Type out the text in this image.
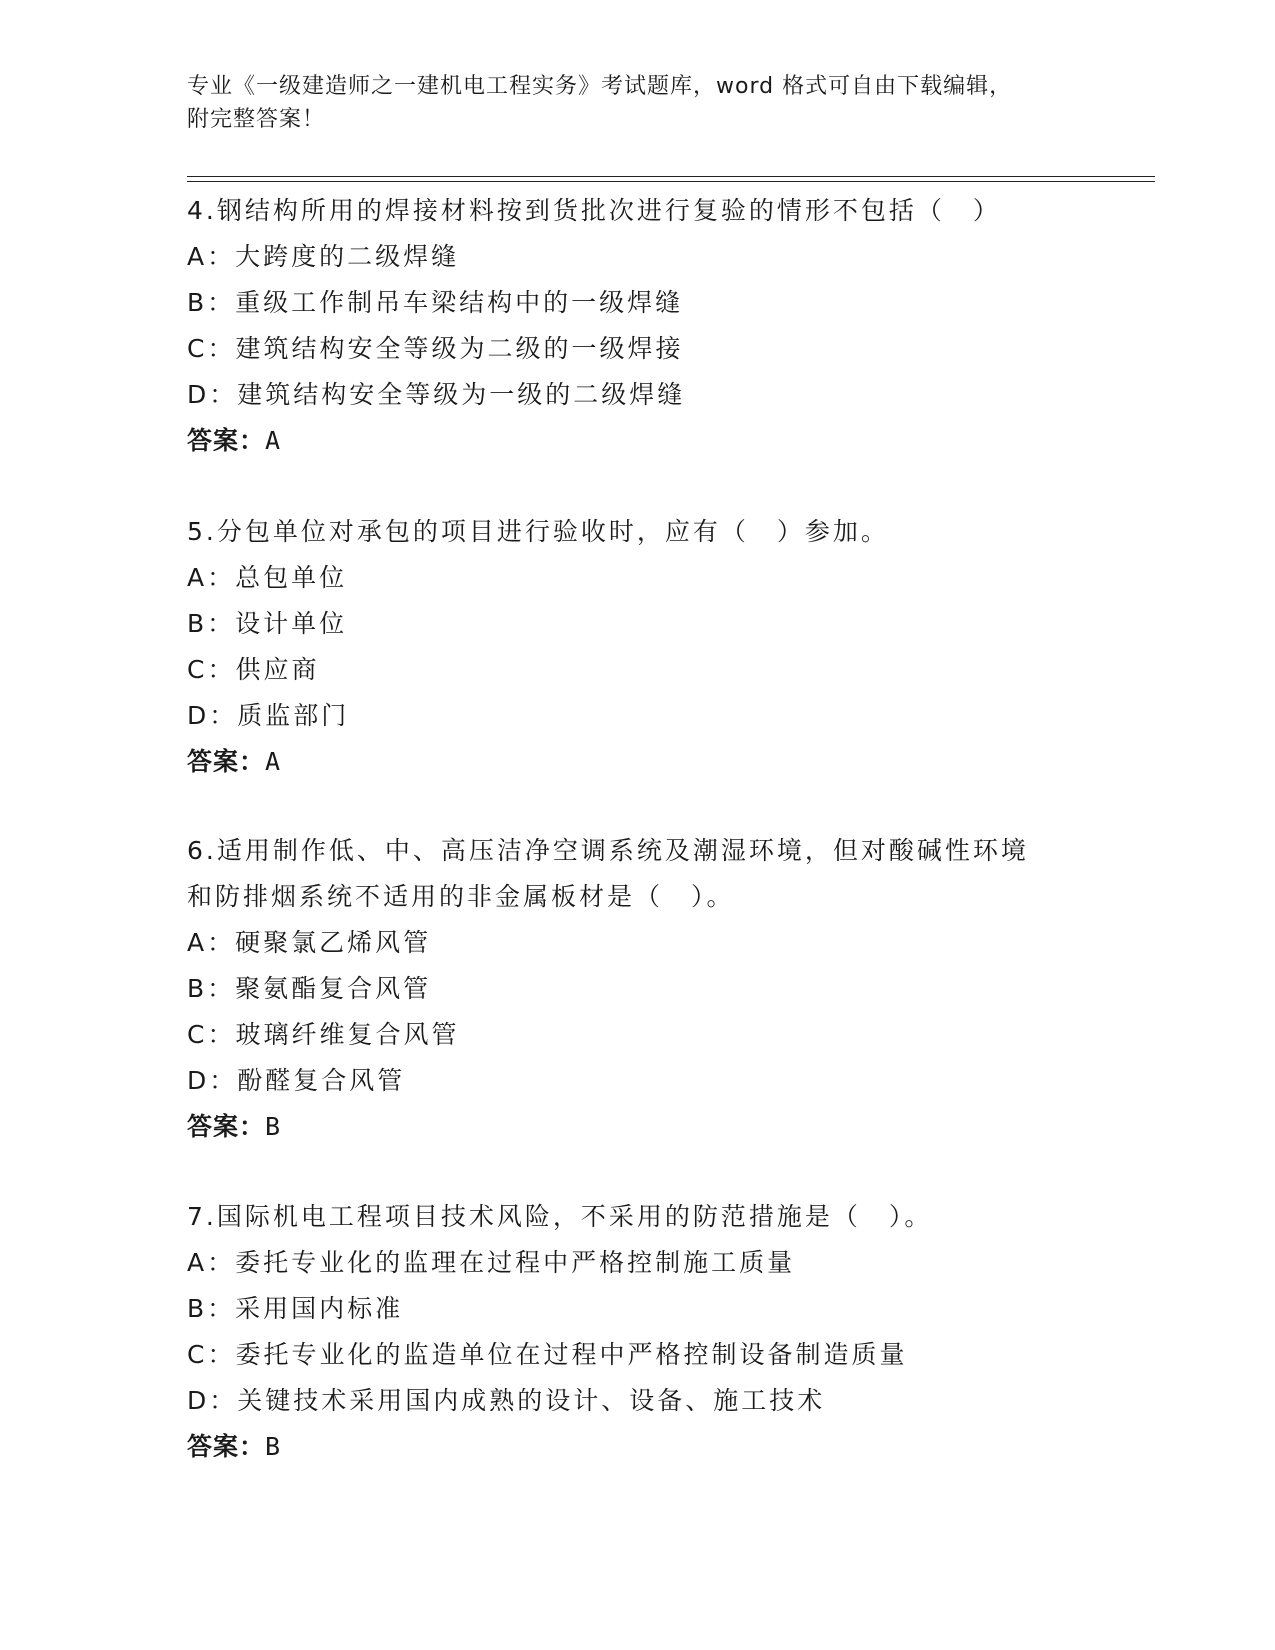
专业《一级建造师之一建机电工程实务》考试题库，word 格式可自由下载编辑，
附完整答案！
4.钢结构所用的焊接材料按到货批次进行复验的情形不包括（　）
A：大跨度的二级焊缝
B：重级工作制吊车梁结构中的一级焊缝
C：建筑结构安全等级为二级的一级焊接
D：建筑结构安全等级为一级的二级焊缝
答案：A
5.分包单位对承包的项目进行验收时，应有（　）参加。
A：总包单位
B：设计单位
C：供应商
D：质监部门
答案：A
6.适用制作低、中、高压洁净空调系统及潮湿环境，但对酸碱性环境
和防排烟系统不适用的非金属板材是（　）。
A：硬聚氯乙烯风管
B：聚氨酯复合风管
C：玻璃纤维复合风管
D：酚醛复合风管
答案：B
7.国际机电工程项目技术风险，不采用的防范措施是（　）。
A：委托专业化的监理在过程中严格控制施工质量
B：采用国内标准
C：委托专业化的监造单位在过程中严格控制设备制造质量
D：关键技术采用国内成熟的设计、设备、施工技术
答案：B
